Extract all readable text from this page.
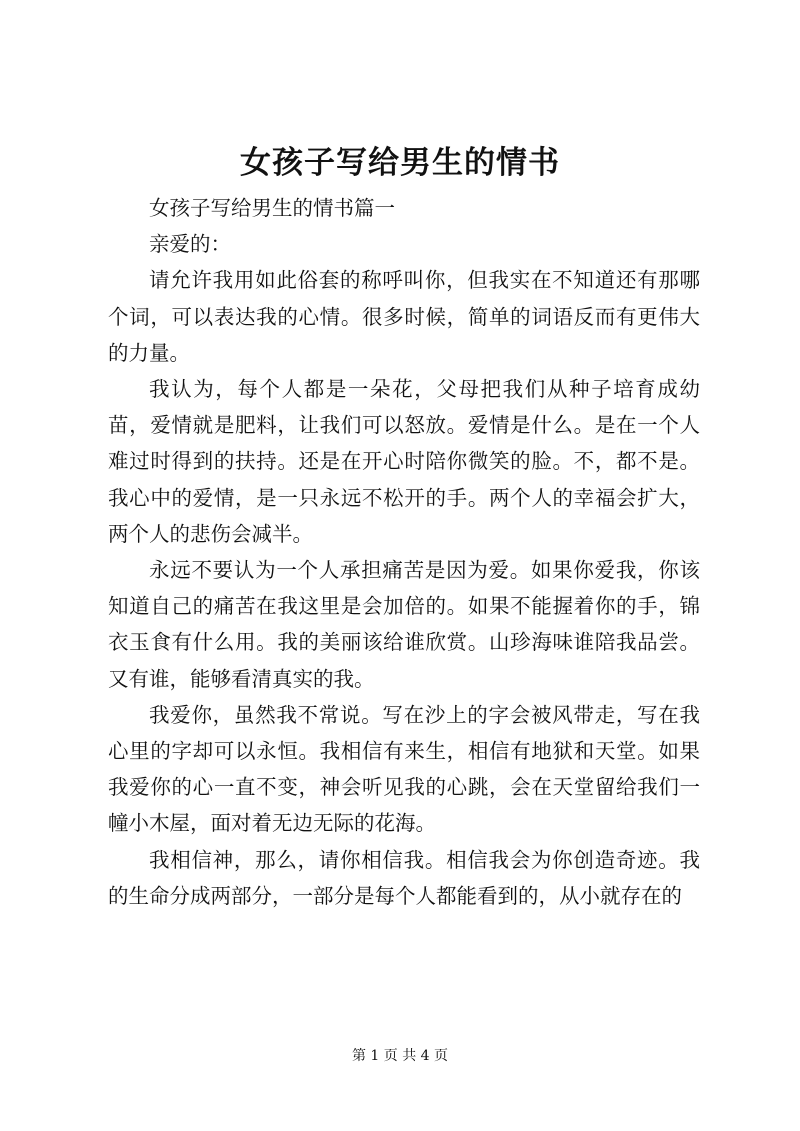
女孩子写给男生的情书

女孩子写给男生的情书篇一

亲爱的：

请允许我用如此俗套的称呼叫你，但我实在不知道还有那哪个词，可以表达我的心情。很多时候，简单的词语反而有更伟大的力量。

我认为，每个人都是一朵花，父母把我们从种子培育成幼苗，爱情就是肥料，让我们可以怒放。爱情是什么。是在一个人难过时得到的扶持。还是在开心时陪你微笑的脸。不，都不是。我心中的爱情，是一只永远不松开的手。两个人的幸福会扩大，两个人的悲伤会减半。

永远不要认为一个人承担痛苦是因为爱。如果你爱我，你该知道自己的痛苦在我这里是会加倍的。如果不能握着你的手，锦衣玉食有什么用。我的美丽该给谁欣赏。山珍海味谁陪我品尝。又有谁，能够看清真实的我。

我爱你，虽然我不常说。写在沙上的字会被风带走，写在我心里的字却可以永恒。我相信有来生，相信有地狱和天堂。如果我爱你的心一直不变，神会听见我的心跳，会在天堂留给我们一幢小木屋，面对着无边无际的花海。

我相信神，那么，请你相信我。相信我会为你创造奇迹。我的生命分成两部分，一部分是每个人都能看到的，从小就存在的

第 1 页 共 4 页
